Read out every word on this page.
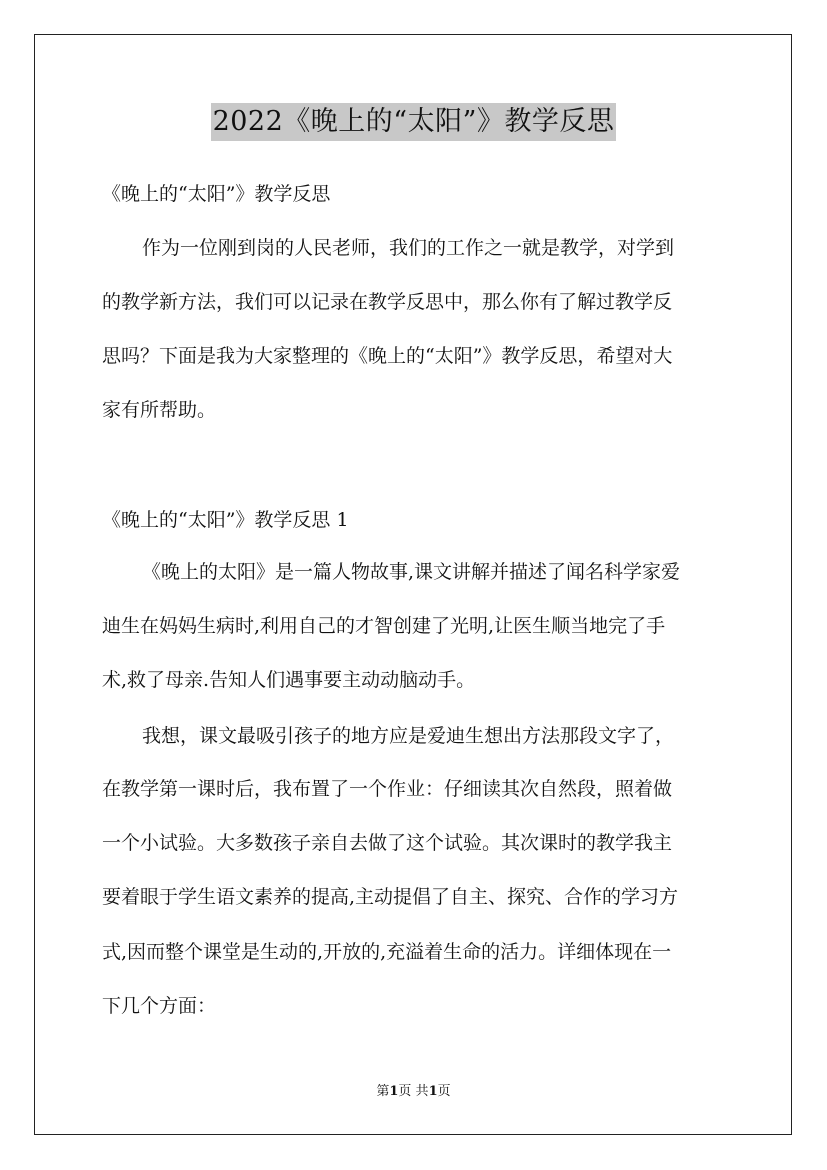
2022《晚上的“太阳”》教学反思
《晚上的“太阳”》教学反思
作为一位刚到岗的人民老师，我们的工作之一就是教学，对学到
的教学新方法，我们可以记录在教学反思中，那么你有了解过教学反
思吗？下面是我为大家整理的《晚上的“太阳”》教学反思，希望对大
家有所帮助。
《晚上的“太阳”》教学反思 1
《晚上的太阳》是一篇人物故事,课文讲解并描述了闻名科学家爱
迪生在妈妈生病时,利用自己的才智创建了光明,让医生顺当地完了手
术,救了母亲.告知人们遇事要主动动脑动手。
我想，课文最吸引孩子的地方应是爱迪生想出方法那段文字了，
在教学第一课时后，我布置了一个作业：仔细读其次自然段，照着做
一个小试验。大多数孩子亲自去做了这个试验。其次课时的教学我主
要着眼于学生语文素养的提高,主动提倡了自主、探究、合作的学习方
式,因而整个课堂是生动的,开放的,充溢着生命的活力。详细体现在一
下几个方面：
第1页 共1页
